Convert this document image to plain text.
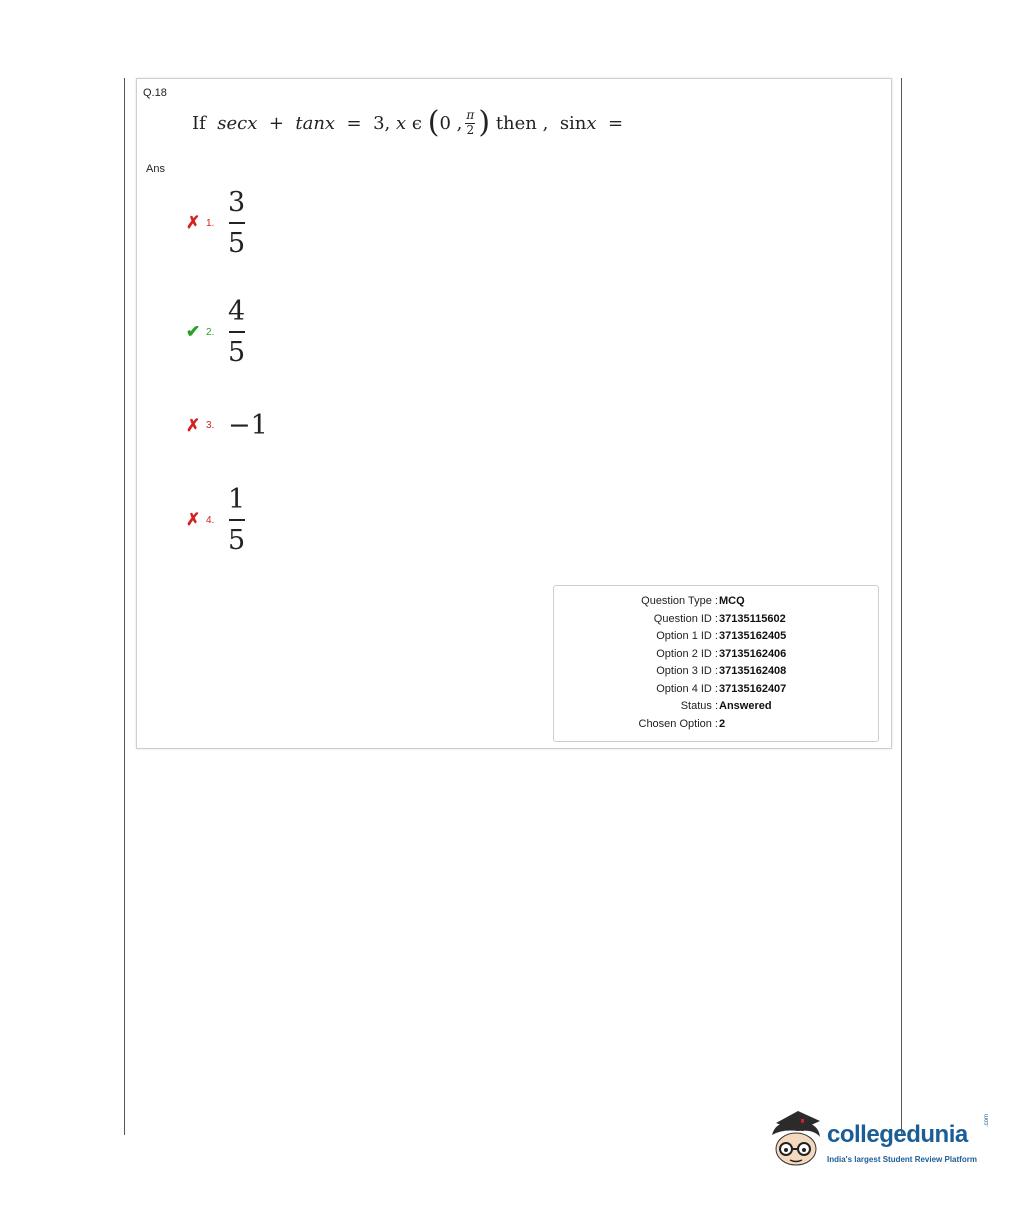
Q.18
If
secx
+
tanx
=
3,
x
ϵ
( 0
, $\frac{\pi}{2}$ )
then
,
sin x
=
Ans
✗ 1. $\frac{3}{5}$
✔ 2. $\frac{4}{5}$
✗ 3. −1
✗ 4. $\frac{1}{5}$
Question Type : MCQ
Question ID : 37135115602
Option 1 ID : 37135162405
Option 2 ID : 37135162406
Option 3 ID : 37135162408
Option 4 ID : 37135162407
Status : Answered
Chosen Option : 2
collegedunia
.com
India's largest Student Review Platform
